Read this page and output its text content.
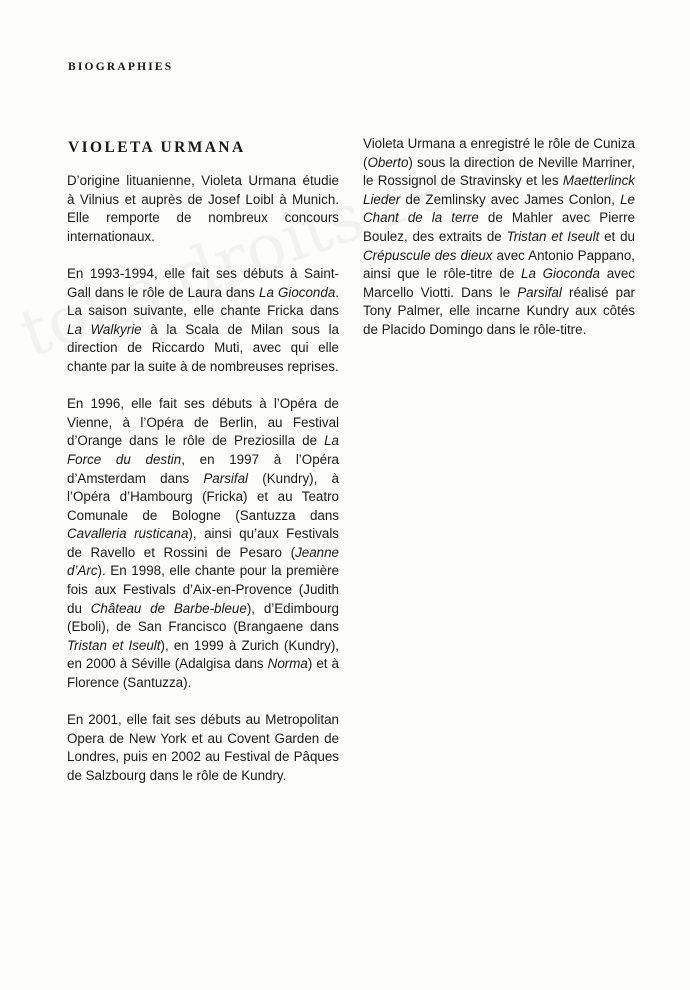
BIOGRAPHIES
VIOLETA URMANA

D’origine lituanienne, Violeta Urmana étudie à Vilnius et auprès de Josef Loibl à Munich. Elle remporte de nombreux concours internationaux.

En 1993-1994, elle fait ses débuts à Saint-Gall dans le rôle de Laura dans La Gioconda. La saison suivante, elle chante Fricka dans La Walkyrie à la Scala de Milan sous la direction de Riccardo Muti, avec qui elle chante par la suite à de nombreuses reprises.

En 1996, elle fait ses débuts à l’Opéra de Vienne, à l’Opéra de Berlin, au Festival d’Orange dans le rôle de Preziosilla de La Force du destin, en 1997 à l’Opéra d’Amsterdam dans Parsifal (Kundry), à l’Opéra d’Hambourg (Fricka) et au Teatro Comunale de Bologne (Santuzza dans Cavalleria rusticana), ainsi qu’aux Festivals de Ravello et Rossini de Pesaro (Jeanne d’Arc). En 1998, elle chante pour la première fois aux Festivals d’Aix-en-Provence (Judith du Château de Barbe-bleue), d’Edimbourg (Eboli), de San Francisco (Brangaene dans Tristan et Iseult), en 1999 à Zurich (Kundry), en 2000 à Séville (Adalgisa dans Norma) et à Florence (Santuzza).

En 2001, elle fait ses débuts au Metropolitan Opera de New York et au Covent Garden de Londres, puis en 2002 au Festival de Pâques de Salzbourg dans le rôle de Kundry.

Violeta Urmana a enregistré le rôle de Cuniza (Oberto) sous la direction de Neville Marriner, le Rossignol de Stravinsky et les Maetterlinck Lieder de Zemlinsky avec James Conlon, Le Chant de la terre de Mahler avec Pierre Boulez, des extraits de Tristan et Iseult et du Crépuscule des dieux avec Antonio Pappano, ainsi que le rôle-titre de La Gioconda avec Marcello Viotti. Dans le Parsifal réalisé par Tony Palmer, elle incarne Kundry aux côtés de Placido Domingo dans le rôle-titre.
